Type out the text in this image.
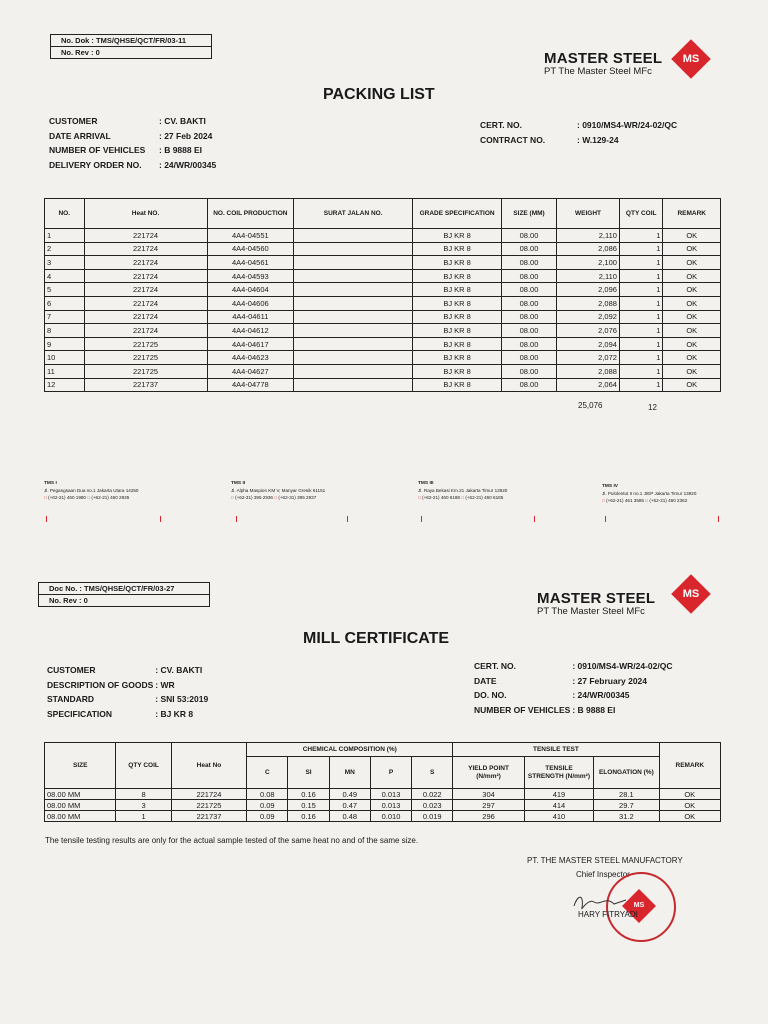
No. Dok : TMS/QHSE/QCT/FR/03-11
No. Rev : 0	MASTER STEEL
PT The Master Steel MFc
MS
PACKING LIST
CUSTOMER	: CV. BAKTI
DATE ARRIVAL	: 27 Feb 2024
NUMBER OF VEHICLES	: B 9888 EI
DELIVERY ORDER NO.	: 24/WR/00345
CERT. NO.	: 0910/MS4-WR/24-02/QC
CONTRACT NO.	: W.129-24
NO.	Heat NO.	NO. COIL PRODUCTION	SURAT JALAN NO.	GRADE SPECIFICATION	SIZE (MM)	WEIGHT	QTY COIL	REMARK
1	221724	4A4-04551		BJ KR 8	08.00	2,110	1	OK
2	221724	4A4-04560		BJ KR 8	08.00	2,086	1	OK
3	221724	4A4-04561		BJ KR 8	08.00	2,100	1	OK
4	221724	4A4-04593		BJ KR 8	08.00	2,110	1	OK
5	221724	4A4-04604		BJ KR 8	08.00	2,096	1	OK
6	221724	4A4-04606		BJ KR 8	08.00	2,088	1	OK
7	221724	4A4-04611		BJ KR 8	08.00	2,092	1	OK
8	221724	4A4-04612		BJ KR 8	08.00	2,076	1	OK
9	221725	4A4-04617		BJ KR 8	08.00	2,094	1	OK
10	221725	4A4-04623		BJ KR 8	08.00	2,072	1	OK
11	221725	4A4-04627		BJ KR 8	08.00	2,088	1	OK
12	221737	4A4-04778		BJ KR 8	08.00	2,064	1	OK
25,076	12
TMS I
Jl. Pegangsaan Dua no.1 Jakarta Utara 14250
□ (+62-21) 460 1980 □ (+62-21) 460 2935
TMS II
Jl. Alpha Maspion KM V, Manyar Gresik 61151
□ (+62-31) 395 2936 □ (+62-31) 395 2937
TMS III
Jl. Raya Bekasi Km.21 Jakarta Timur 13920
□ (+62-21) 460 6188 □ (+62-21) 460 6185
TMS IV
Jl. Pulolentut II no.1 JIEP Jakarta Timur 13920
□ (+62-21) 461 3585 □ (+62-21) 460 2362
Doc No. : TMS/QHSE/QCT/FR/03-27
No. Rev : 0	MASTER STEEL
PT The Master Steel MFc
MS
MILL CERTIFICATE
CUSTOMER	: CV. BAKTI
DESCRIPTION OF GOODS	: WR
STANDARD	: SNI 53:2019
SPECIFICATION	: BJ KR 8
CERT. NO.	: 0910/MS4-WR/24-02/QC
DATE	: 27 February 2024
DO. NO.	: 24/WR/00345
NUMBER OF VEHICLES	: B 9888 EI
SIZE	QTY COIL	Heat No	CHEMICAL COMPOSITION (%)					TENSILE TEST			REMARK
			C	SI	MN	P	S	YIELD POINT (N/mm²)	TENSILE STRENGTH (N/mm²)	ELONGATION (%)	
08.00 MM	8	221724	0.08	0.16	0.49	0.013	0.022	304	419	28.1	OK
08.00 MM	3	221725	0.09	0.15	0.47	0.013	0.023	297	414	29.7	OK
08.00 MM	1	221737	0.09	0.16	0.48	0.010	0.019	296	410	31.2	OK
The tensile testing results are only for the actual sample tested of the same heat no and of the same size.
PT. THE MASTER STEEL MANUFACTORY
Chief Inspector
MS
HARY FITRYADI
